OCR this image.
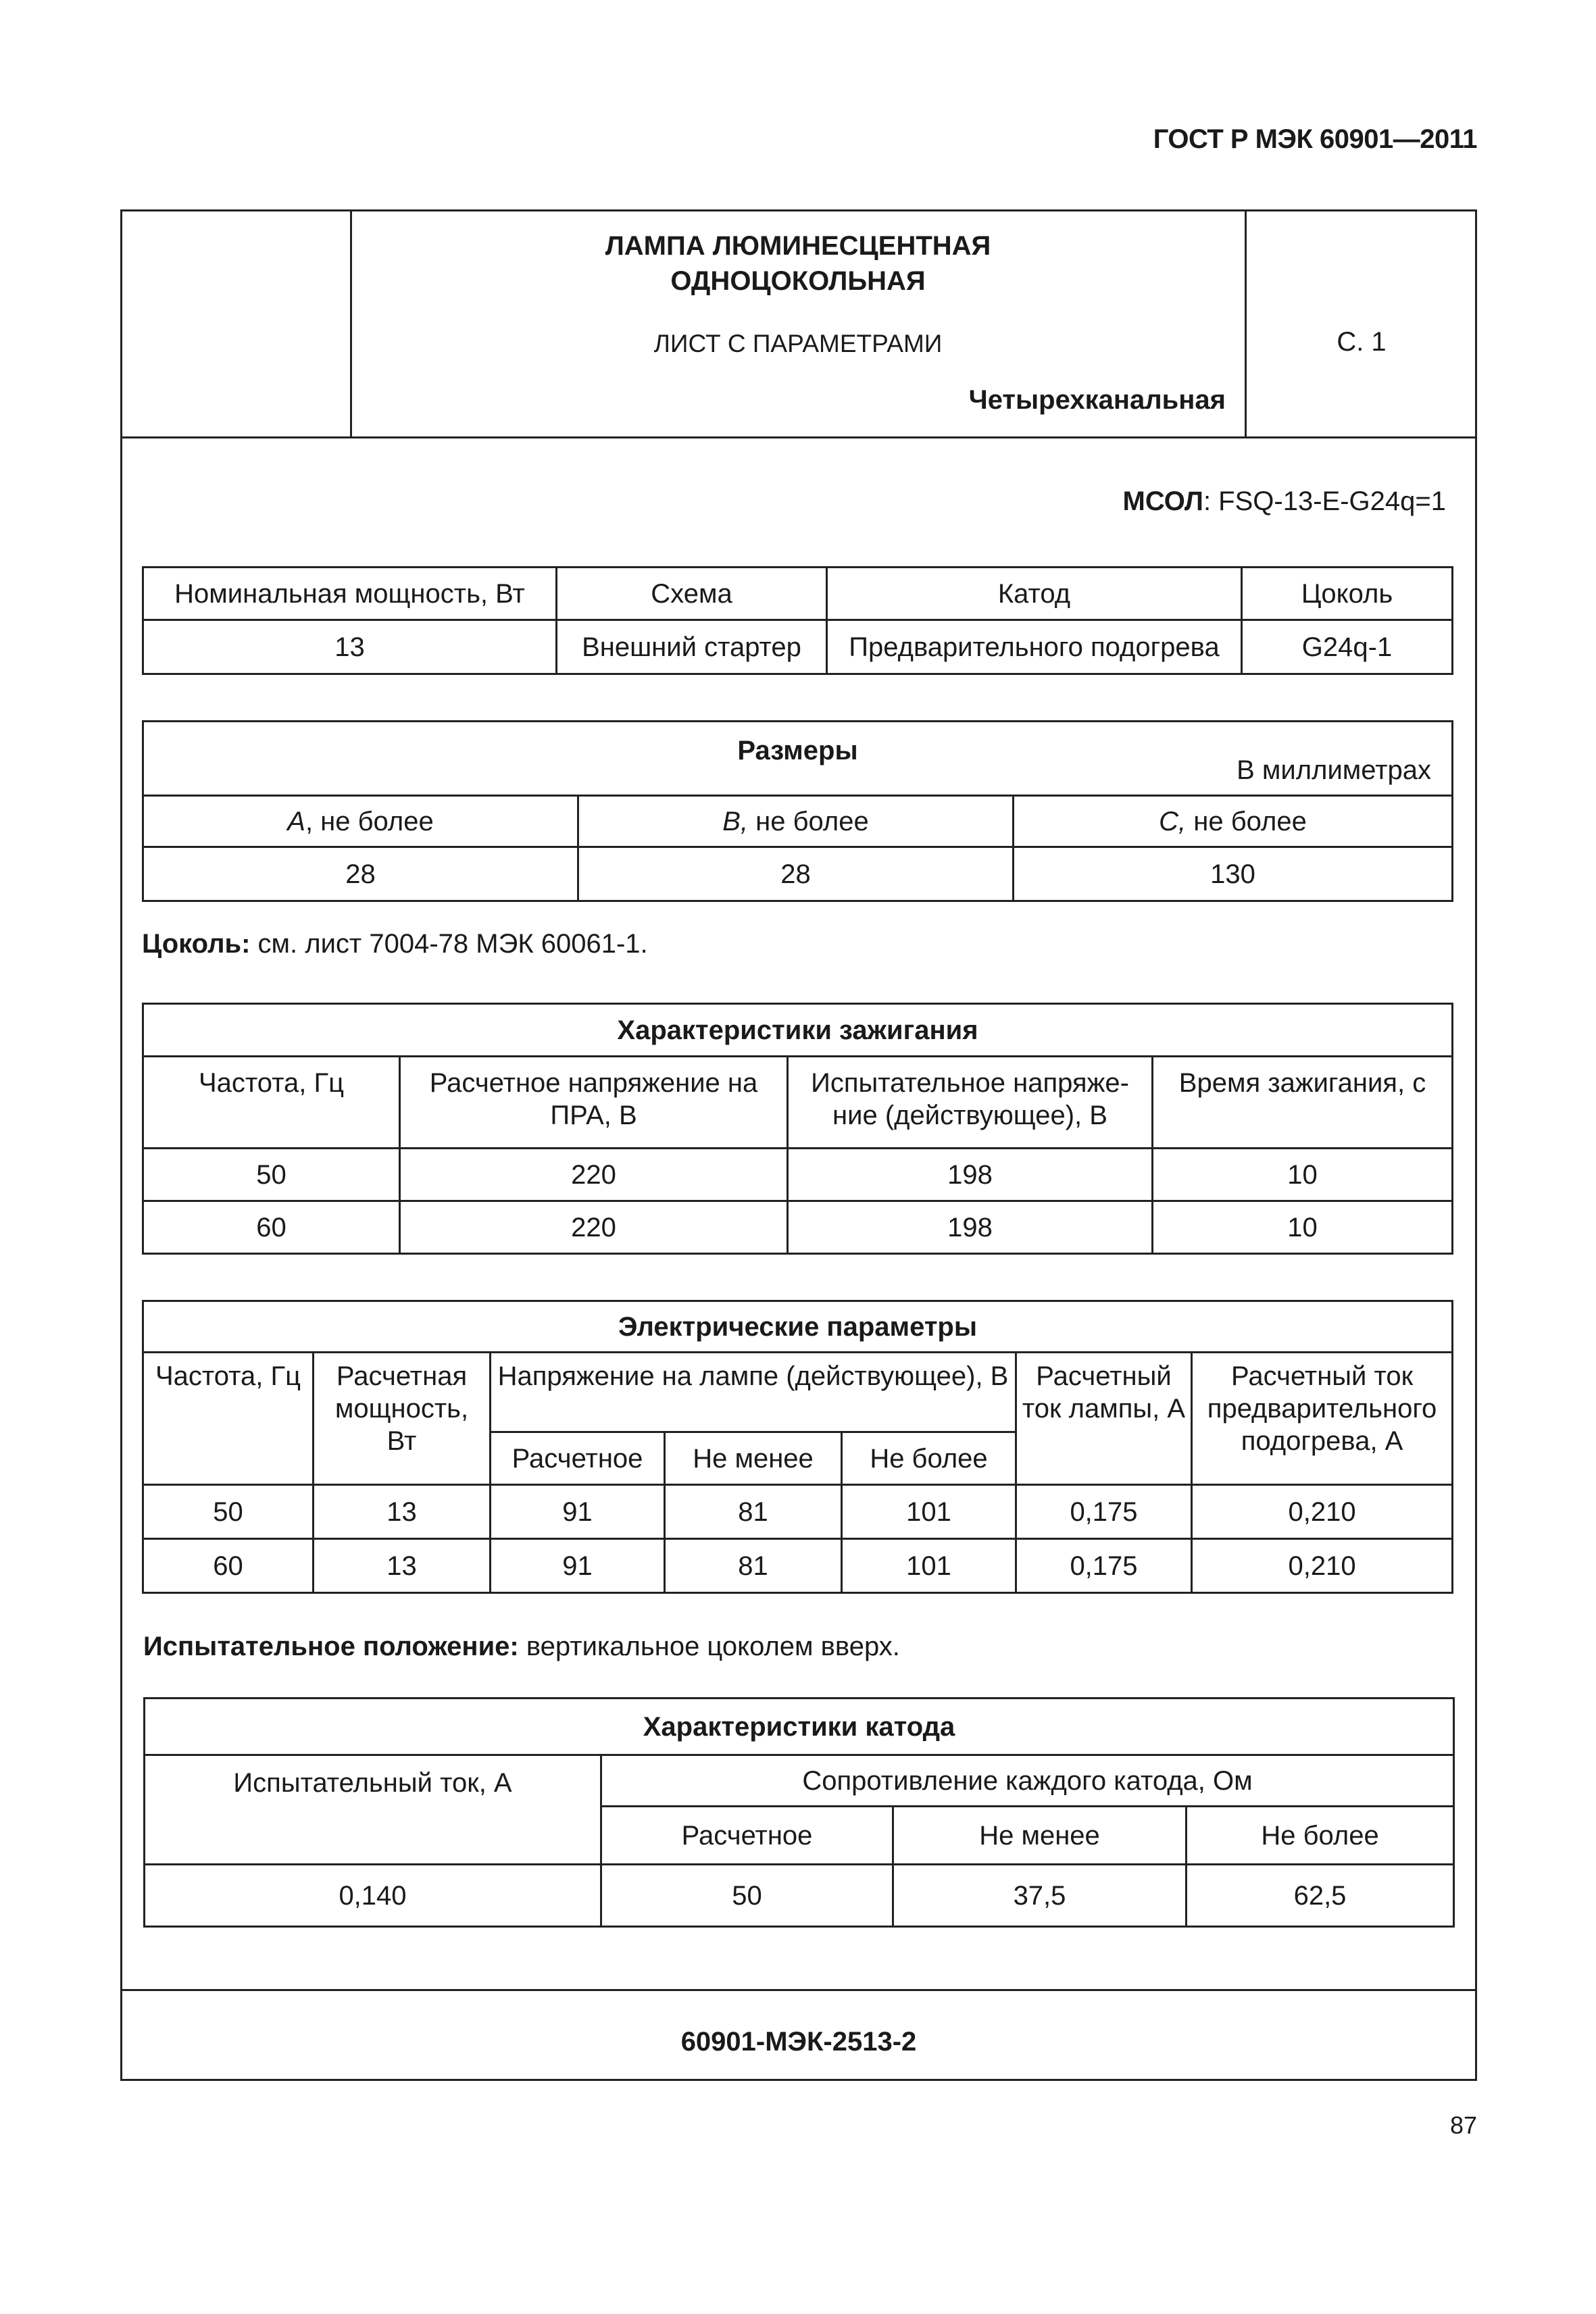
ГОСТ Р МЭК 60901—2011
ЛАМПА ЛЮМИНЕСЦЕНТНАЯ
ОДНОЦОКОЛЬНАЯ
ЛИСТ С ПАРАМЕТРАМИ	С. 1
Четырехканальная
МСОЛ: FSQ-13-E-G24q=1
Номинальная мощность, Вт	Схема	Катод	Цоколь
13	Внешний стартер	Предварительного подогрева	G24q-1
Размеры
В миллиметрах		

A, не более	B, не более	C, не более
28	28	130
Цоколь: см. лист 7004-78 МЭК 60061-1.
Характеристики зажигания			
Частота, Гц	Расчетное напряжение на ПРА, В	Испытательное напряже- ние (действующее), В	Время зажигания, с
50	220	198	10
60	220	198	10
Электрические параметры						
Частота, Гц	Расчетная мощность, Вт	Напряжение на лампе (действующее), В			Расчетный ток лампы, А	Расчетный ток предварительного подогрева, А
		Расчетное	Не менее	Не более		
50	13	91	81	101	0,175	0,210
60	13	91	81	101	0,175	0,210
Испытательное положение: вертикальное цоколем вверх.
Характеристики катода			
Испытательный ток, А	Сопротивление каждого катода, Ом		
	Расчетное	Не менее	Не более
0,140	50	37,5	62,5
60901-МЭК-2513-2
87
